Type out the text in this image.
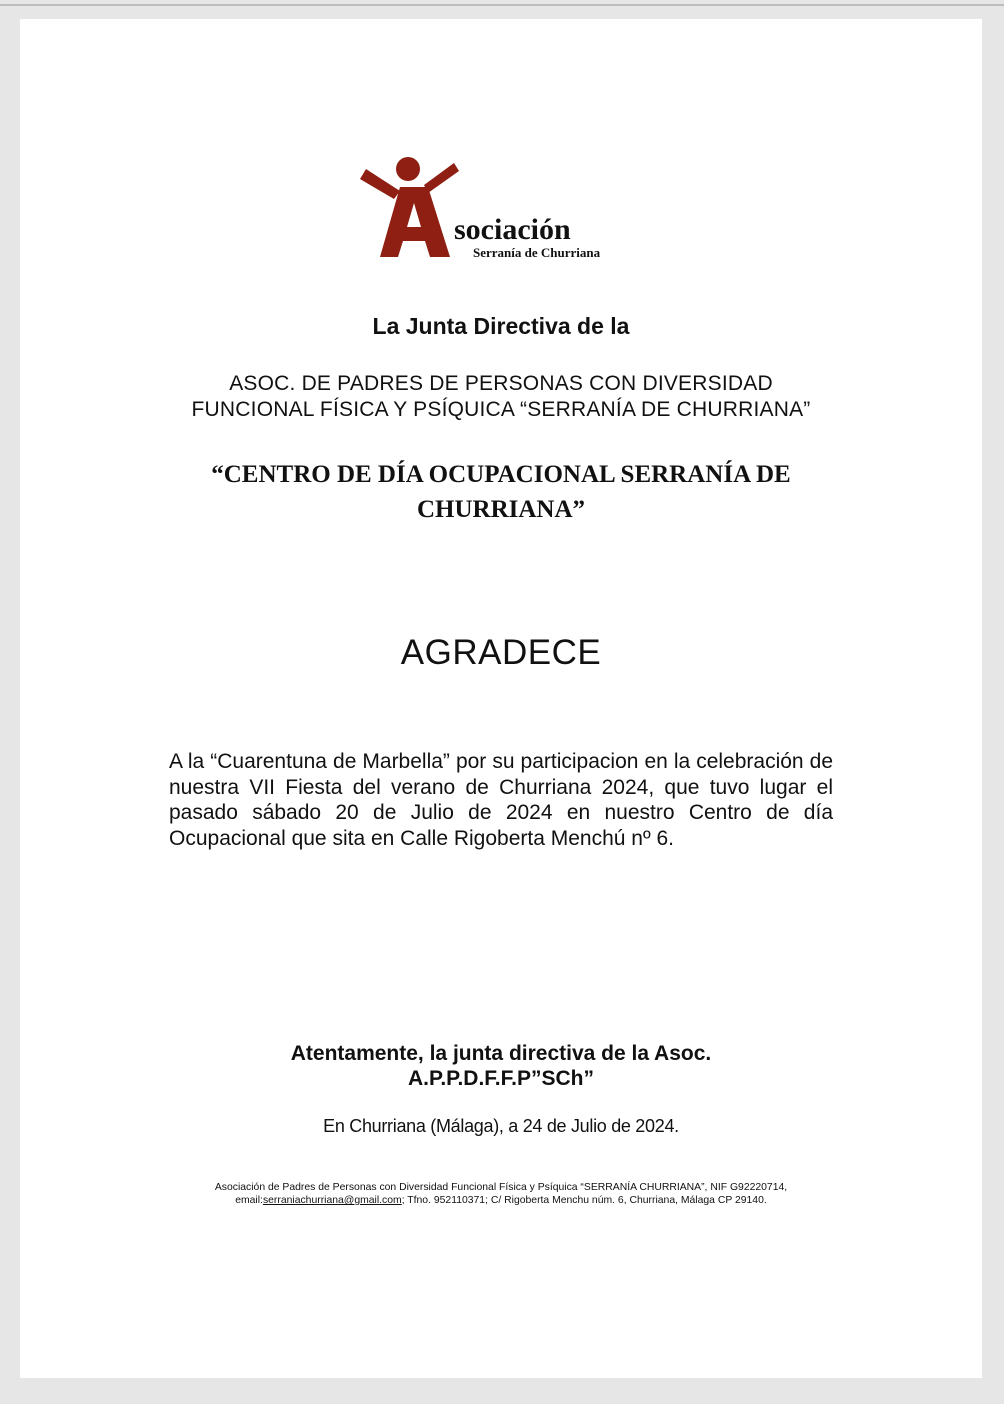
sociación
Serranía de Churriana
La Junta Directiva de la
ASOC. DE PADRES DE PERSONAS CON DIVERSIDAD
FUNCIONAL FÍSICA Y PSÍQUICA “SERRANÍA DE CHURRIANA”
“CENTRO DE DÍA OCUPACIONAL SERRANÍA DE
CHURRIANA”
AGRADECE

A la “Cuarentuna de Marbella” por su participacion en la celebración de nuestra VII Fiesta del verano de Churriana 2024, que tuvo lugar el pasado sábado 20 de Julio de 2024 en nuestro Centro de día Ocupacional que sita en Calle Rigoberta Menchú nº 6.

Atentamente, la junta directiva de la Asoc.
A.P.P.D.F.F.P”SCh”
En Churriana (Málaga), a 24 de Julio de 2024.
Asociación de Padres de Personas con Diversidad Funcional Física y Psíquica “SERRANÍA CHURRIANA”, NIF G92220714,
email:serraniachurriana@gmail.com; Tfno. 952110371; C/ Rigoberta Menchu núm. 6, Churriana, Málaga CP 29140.
